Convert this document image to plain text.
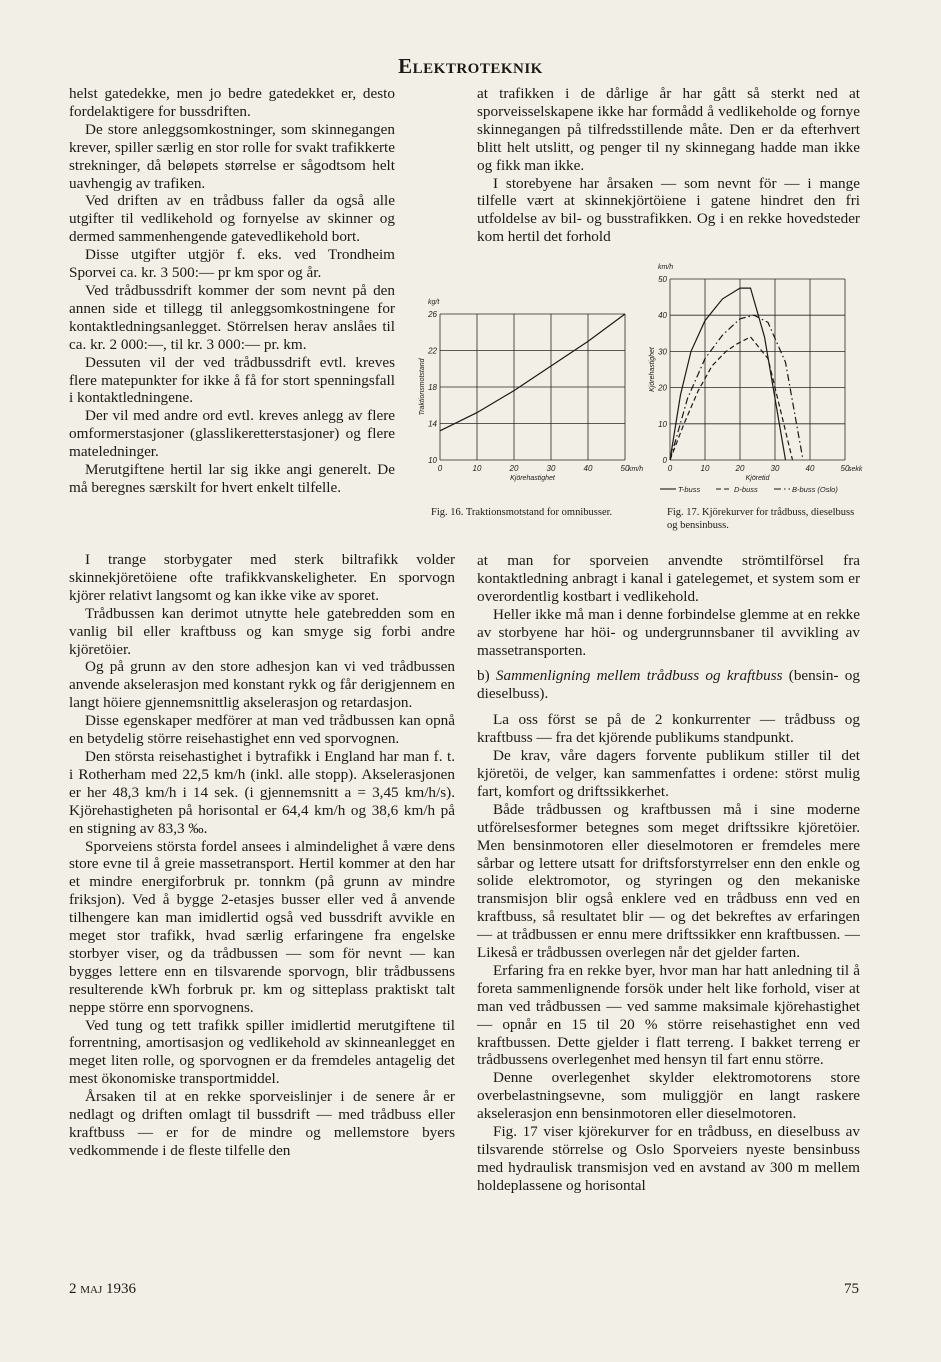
Elektroteknik

helst gatedekke, men jo bedre gatedekket er, desto fordelaktigere for bussdriften.

De store anleggsomkostninger, som skinnegangen krever, spiller særlig en stor rolle for svakt trafikkerte strekninger, då beløpets størrelse er sågodtsom helt uavhengig av trafiken.

Ved driften av en trådbuss faller da også alle utgifter til vedlikehold og fornyelse av skinner og dermed sammenhengende gatevedlikehold bort.

Disse utgifter utgjör f. eks. ved Trondheim Sporvei ca. kr. 3 500:— pr km spor og år.

Ved trådbussdrift kommer der som nevnt på den annen side et tillegg til anleggsomkostningene for kontaktledningsanlegget. Störrelsen herav anslåes til ca. kr. 2 000:—, til kr. 3 000:— pr. km.

Dessuten vil der ved trådbussdrift evtl. kreves flere matepunkter for ikke å få for stort spenningsfall i kontaktledningene.

Der vil med andre ord evtl. kreves anlegg av flere omformerstasjoner (glasslikeretterstasjoner) og flere mateledninger.

Merutgiftene hertil lar sig ikke angi generelt. De må beregnes særskilt for hvert enkelt tilfelle.

I trange storbygater med sterk biltrafikk volder skinnekjöretöiene ofte trafikkvanskeligheter. En sporvogn kjörer relativt langsomt og kan ikke vike av sporet.

Trådbussen kan derimot utnytte hele gatebredden som en vanlig bil eller kraftbuss og kan smyge sig forbi andre kjöretöier.

Og på grunn av den store adhesjon kan vi ved trådbussen anvende akselerasjon med konstant rykk og får derigjennem en langt höiere gjennemsnittlig akselerasjon og retardasjon.

Disse egenskaper medförer at man ved trådbussen kan opnå en betydelig större reisehastighet enn ved sporvognen.

Den största reisehastighet i bytrafikk i England har man f. t. i Rotherham med 22,5 km/h (inkl. alle stopp). Akselerasjonen er her 48,3 km/h i 14 sek. (i gjennemsnitt a = 3,45 km/h/s). Kjörehastigheten på horisontal er 64,4 km/h og 38,6 km/h på en stigning av 83,3 ‰.

Sporveiens största fordel ansees i almindelighet å være dens store evne til å greie massetransport. Hertil kommer at den har et mindre energiforbruk pr. tonnkm (på grunn av mindre friksjon). Ved å bygge 2-etasjes busser eller ved å anvende tilhengere kan man imidlertid også ved bussdrift avvikle en meget stor trafikk, hvad særlig erfaringene fra engelske storbyer viser, og da trådbussen — som för nevnt — kan bygges lettere enn en tilsvarende sporvogn, blir trådbussens resulterende kWh forbruk pr. km og sitteplass praktiskt talt neppe större enn sporvognens.

Ved tung og tett trafikk spiller imidlertid merutgiftene til forrentning, amortisasjon og vedlikehold av skinneanlegget en meget liten rolle, og sporvognen er da fremdeles antagelig det mest ökonomiske transportmiddel.

Årsaken til at en rekke sporveislinjer i de senere år er nedlagt og driften omlagt til bussdrift — med trådbuss eller kraftbuss — er for de mindre og mellemstore byers vedkommende i de fleste tilfelle den

at trafikken i de dårlige år har gått så sterkt ned at sporveisselskapene ikke har formådd å vedlikeholde og fornye skinnegangen på tilfredsstillende måte. Den er da efterhvert blitt helt utslitt, og penger til ny skinnegang hadde man ikke og fikk man ikke.

I storebyene har årsaken — som nevnt för — i mange tilfelle vært at skinnekjörtöiene i gatene hindret den fri utfoldelse av bil- og busstrafikken. Og i en rekke hovedsteder kom hertil det forhold

0	10	20	30	40	50
10
14
18
22
26
Kjörehastighet
km/h
Traktionsmotstand
kg/t
0	10	20	30	40	50
0
10
20
30
40
50
Kjöretid
sekk
Kjörehastighet
km/h
T-buss	D-buss	B-buss (Oslo)
Fig. 16. Traktionsmotstand for omnibusser.	Fig. 17. Kjörekurver for trådbuss, dieselbuss og bensinbuss.

at man for sporveien anvendte strömtilförsel fra kontaktledning anbragt i kanal i gatelegemet, et system som er overordentlig kostbart i vedlikehold.

Heller ikke må man i denne forbindelse glemme at en rekke av storbyene har höi- og undergrunnsbaner til avvikling av massetransporten.

b) Sammenligning mellem trådbuss og kraftbuss (bensin- og dieselbuss).

La oss först se på de 2 konkurrenter — trådbuss og kraftbuss — fra det kjörende publikums standpunkt.

De krav, våre dagers forvente publikum stiller til det kjöretöi, de velger, kan sammenfattes i ordene: störst mulig fart, komfort og driftssikkerhet.

Både trådbussen og kraftbussen må i sine moderne utförelsesformer betegnes som meget driftssikre kjöretöier. Men bensinmotoren eller dieselmotoren er fremdeles mere sårbar og lettere utsatt for driftsforstyrrelser enn den enkle og solide elektromotor, og styringen og den mekaniske transmisjon blir også enklere ved en trådbuss enn ved en kraftbuss, så resultatet blir — og det bekreftes av erfaringen — at trådbussen er ennu mere driftssikker enn kraftbussen. — Likeså er trådbussen overlegen når det gjelder farten.

Erfaring fra en rekke byer, hvor man har hatt anledning til å foreta sammenlignende forsök under helt like forhold, viser at man ved trådbussen — ved samme maksimale kjörehastighet — opnår en 15 til 20 % större reisehastighet enn ved kraftbussen. Dette gjelder i flatt terreng. I bakket terreng er trådbussens overlegenhet med hensyn til fart ennu större.

Denne overlegenhet skylder elektromotorens store overbelastningsevne, som muliggjör en langt raskere akselerasjon enn bensinmotoren eller dieselmotoren.

Fig. 17 viser kjörekurver for en trådbuss, en dieselbuss av tilsvarende störrelse og Oslo Sporveiers nyeste bensinbuss med hydraulisk transmisjon ved en avstand av 300 m mellem holdeplassene og horisontal

2 maj 1936	75
